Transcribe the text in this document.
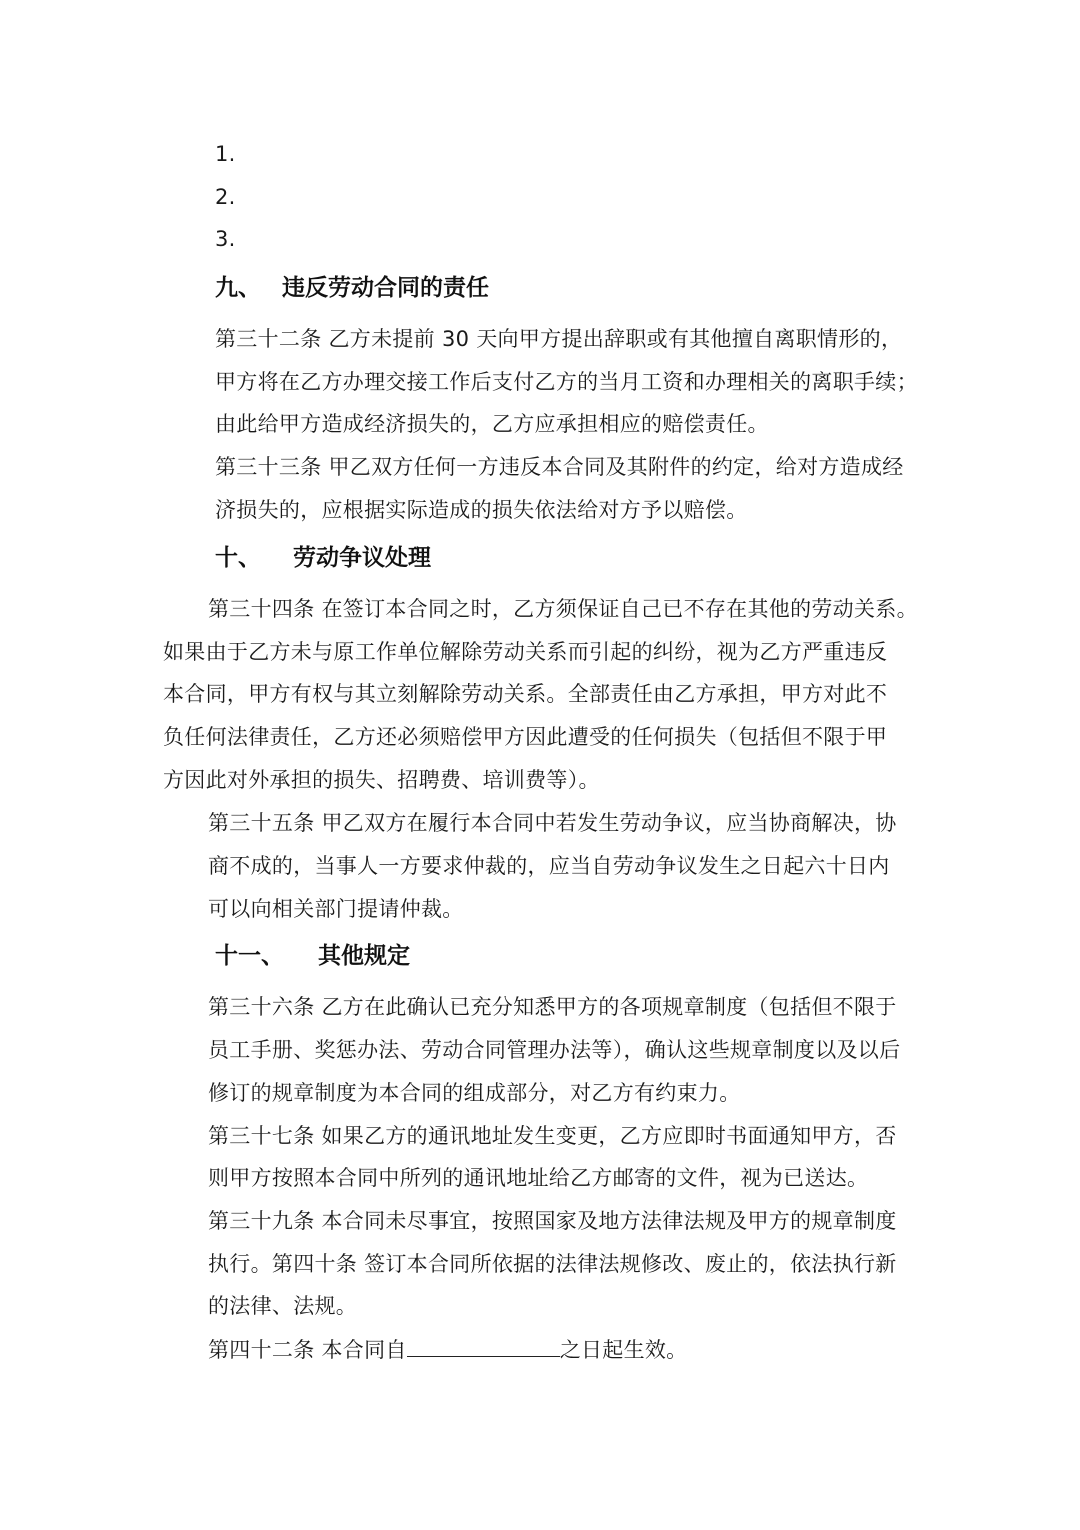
1.
2.
3.
九、 违反劳动合同的责任
第三十二条 乙方未提前 30 天向甲方提出辞职或有其他擅自离职情形的，
甲方将在乙方办理交接工作后支付乙方的当月工资和办理相关的离职手续；
由此给甲方造成经济损失的，乙方应承担相应的赔偿责任。
第三十三条 甲乙双方任何一方违反本合同及其附件的约定，给对方造成经
济损失的，应根据实际造成的损失依法给对方予以赔偿。
十、 劳动争议处理
第三十四条 在签订本合同之时，乙方须保证自己已不存在其他的劳动关系。
如果由于乙方未与原工作单位解除劳动关系而引起的纠纷，视为乙方严重违反
本合同，甲方有权与其立刻解除劳动关系。全部责任由乙方承担，甲方对此不
负任何法律责任，乙方还必须赔偿甲方因此遭受的任何损失（包括但不限于甲
方因此对外承担的损失、招聘费、培训费等）。
第三十五条 甲乙双方在履行本合同中若发生劳动争议，应当协商解决，协
商不成的，当事人一方要求仲裁的，应当自劳动争议发生之日起六十日内
可以向相关部门提请仲裁。
十一、 其他规定
第三十六条 乙方在此确认已充分知悉甲方的各项规章制度（包括但不限于
员工手册、奖惩办法、劳动合同管理办法等），确认这些规章制度以及以后
修订的规章制度为本合同的组成部分，对乙方有约束力。
第三十七条 如果乙方的通讯地址发生变更，乙方应即时书面通知甲方，否
则甲方按照本合同中所列的通讯地址给乙方邮寄的文件，视为已送达。
第三十九条 本合同未尽事宜，按照国家及地方法律法规及甲方的规章制度
执行。第四十条 签订本合同所依据的法律法规修改、废止的，依法执行新
的法律、法规。
第四十二条 本合同自	之日起生效。
